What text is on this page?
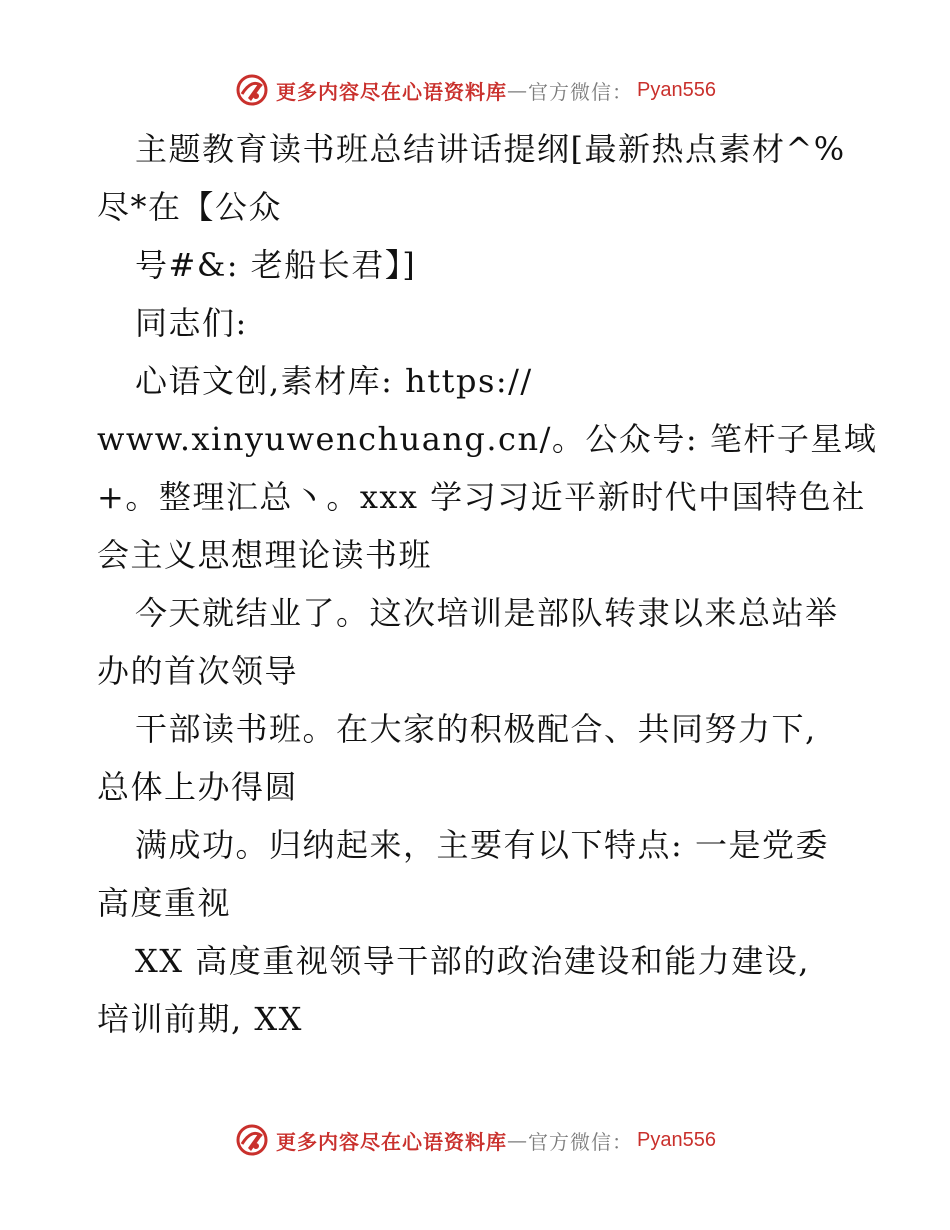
更多内容尽在心语资料库 — 官方微信： Pyan556
主题教育读书班总结讲话提纲[最新热点素材^%
尽*在【公众
号#&: 老船长君】]
同志们:
心语文创,素材库: https://
www.xinyuwenchuang.cn/。公众号: 笔杆子星域
+。整理汇总丶。xxx 学习习近平新时代中国特色社
会主义思想理论读书班
今天就结业了。这次培训是部队转隶以来总站举
办的首次领导
干部读书班。在大家的积极配合、共同努力下,
总体上办得圆
满成功。归纳起来，主要有以下特点: 一是党委
高度重视
XX 高度重视领导干部的政治建设和能力建设,
培训前期, XX
更多内容尽在心语资料库 — 官方微信： Pyan556
